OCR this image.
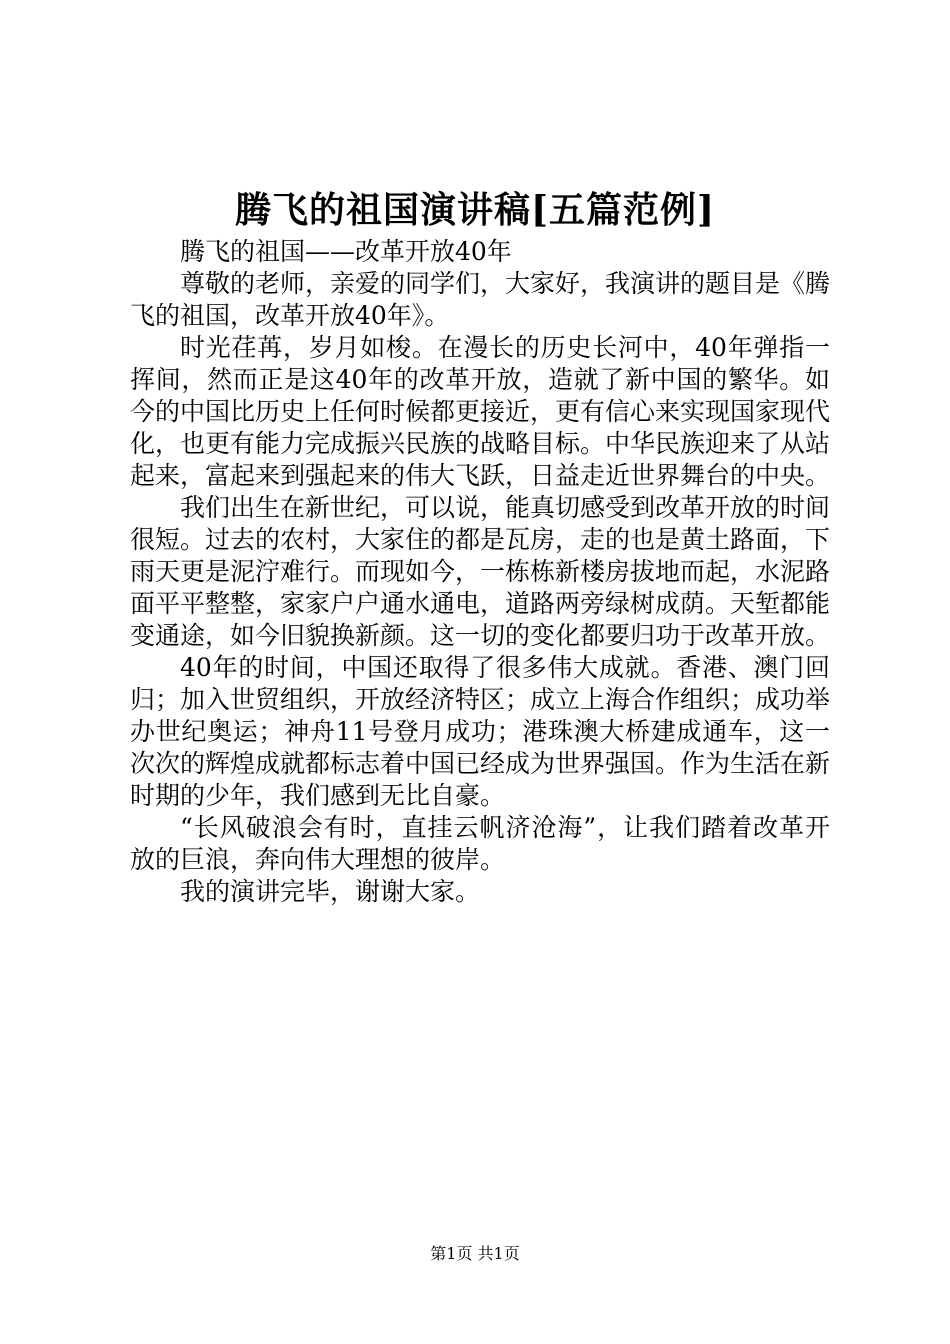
腾飞的祖国演讲稿[五篇范例]

腾飞的祖国——改革开放40年

尊敬的老师，亲爱的同学们，大家好，我演讲的题目是《腾飞的祖国，改革开放40年》。

时光荏苒，岁月如梭。在漫长的历史长河中，40年弹指一挥间，然而正是这40年的改革开放，造就了新中国的繁华。如今的中国比历史上任何时候都更接近，更有信心来实现国家现代化，也更有能力完成振兴民族的战略目标。中华民族迎来了从站起来，富起来到强起来的伟大飞跃，日益走近世界舞台的中央。

我们出生在新世纪，可以说，能真切感受到改革开放的时间很短。过去的农村，大家住的都是瓦房，走的也是黄土路面，下雨天更是泥泞难行。而现如今，一栋栋新楼房拔地而起，水泥路面平平整整，家家户户通水通电，道路两旁绿树成荫。天堑都能变通途，如今旧貌换新颜。这一切的变化都要归功于改革开放。

40年的时间，中国还取得了很多伟大成就。香港、澳门回归；加入世贸组织，开放经济特区；成立上海合作组织；成功举办世纪奥运；神舟11号登月成功；港珠澳大桥建成通车，这一次次的辉煌成就都标志着中国已经成为世界强国。作为生活在新时期的少年，我们感到无比自豪。

“长风破浪会有时，直挂云帆济沧海”，让我们踏着改革开放的巨浪，奔向伟大理想的彼岸。

我的演讲完毕，谢谢大家。

第1页 共1页
